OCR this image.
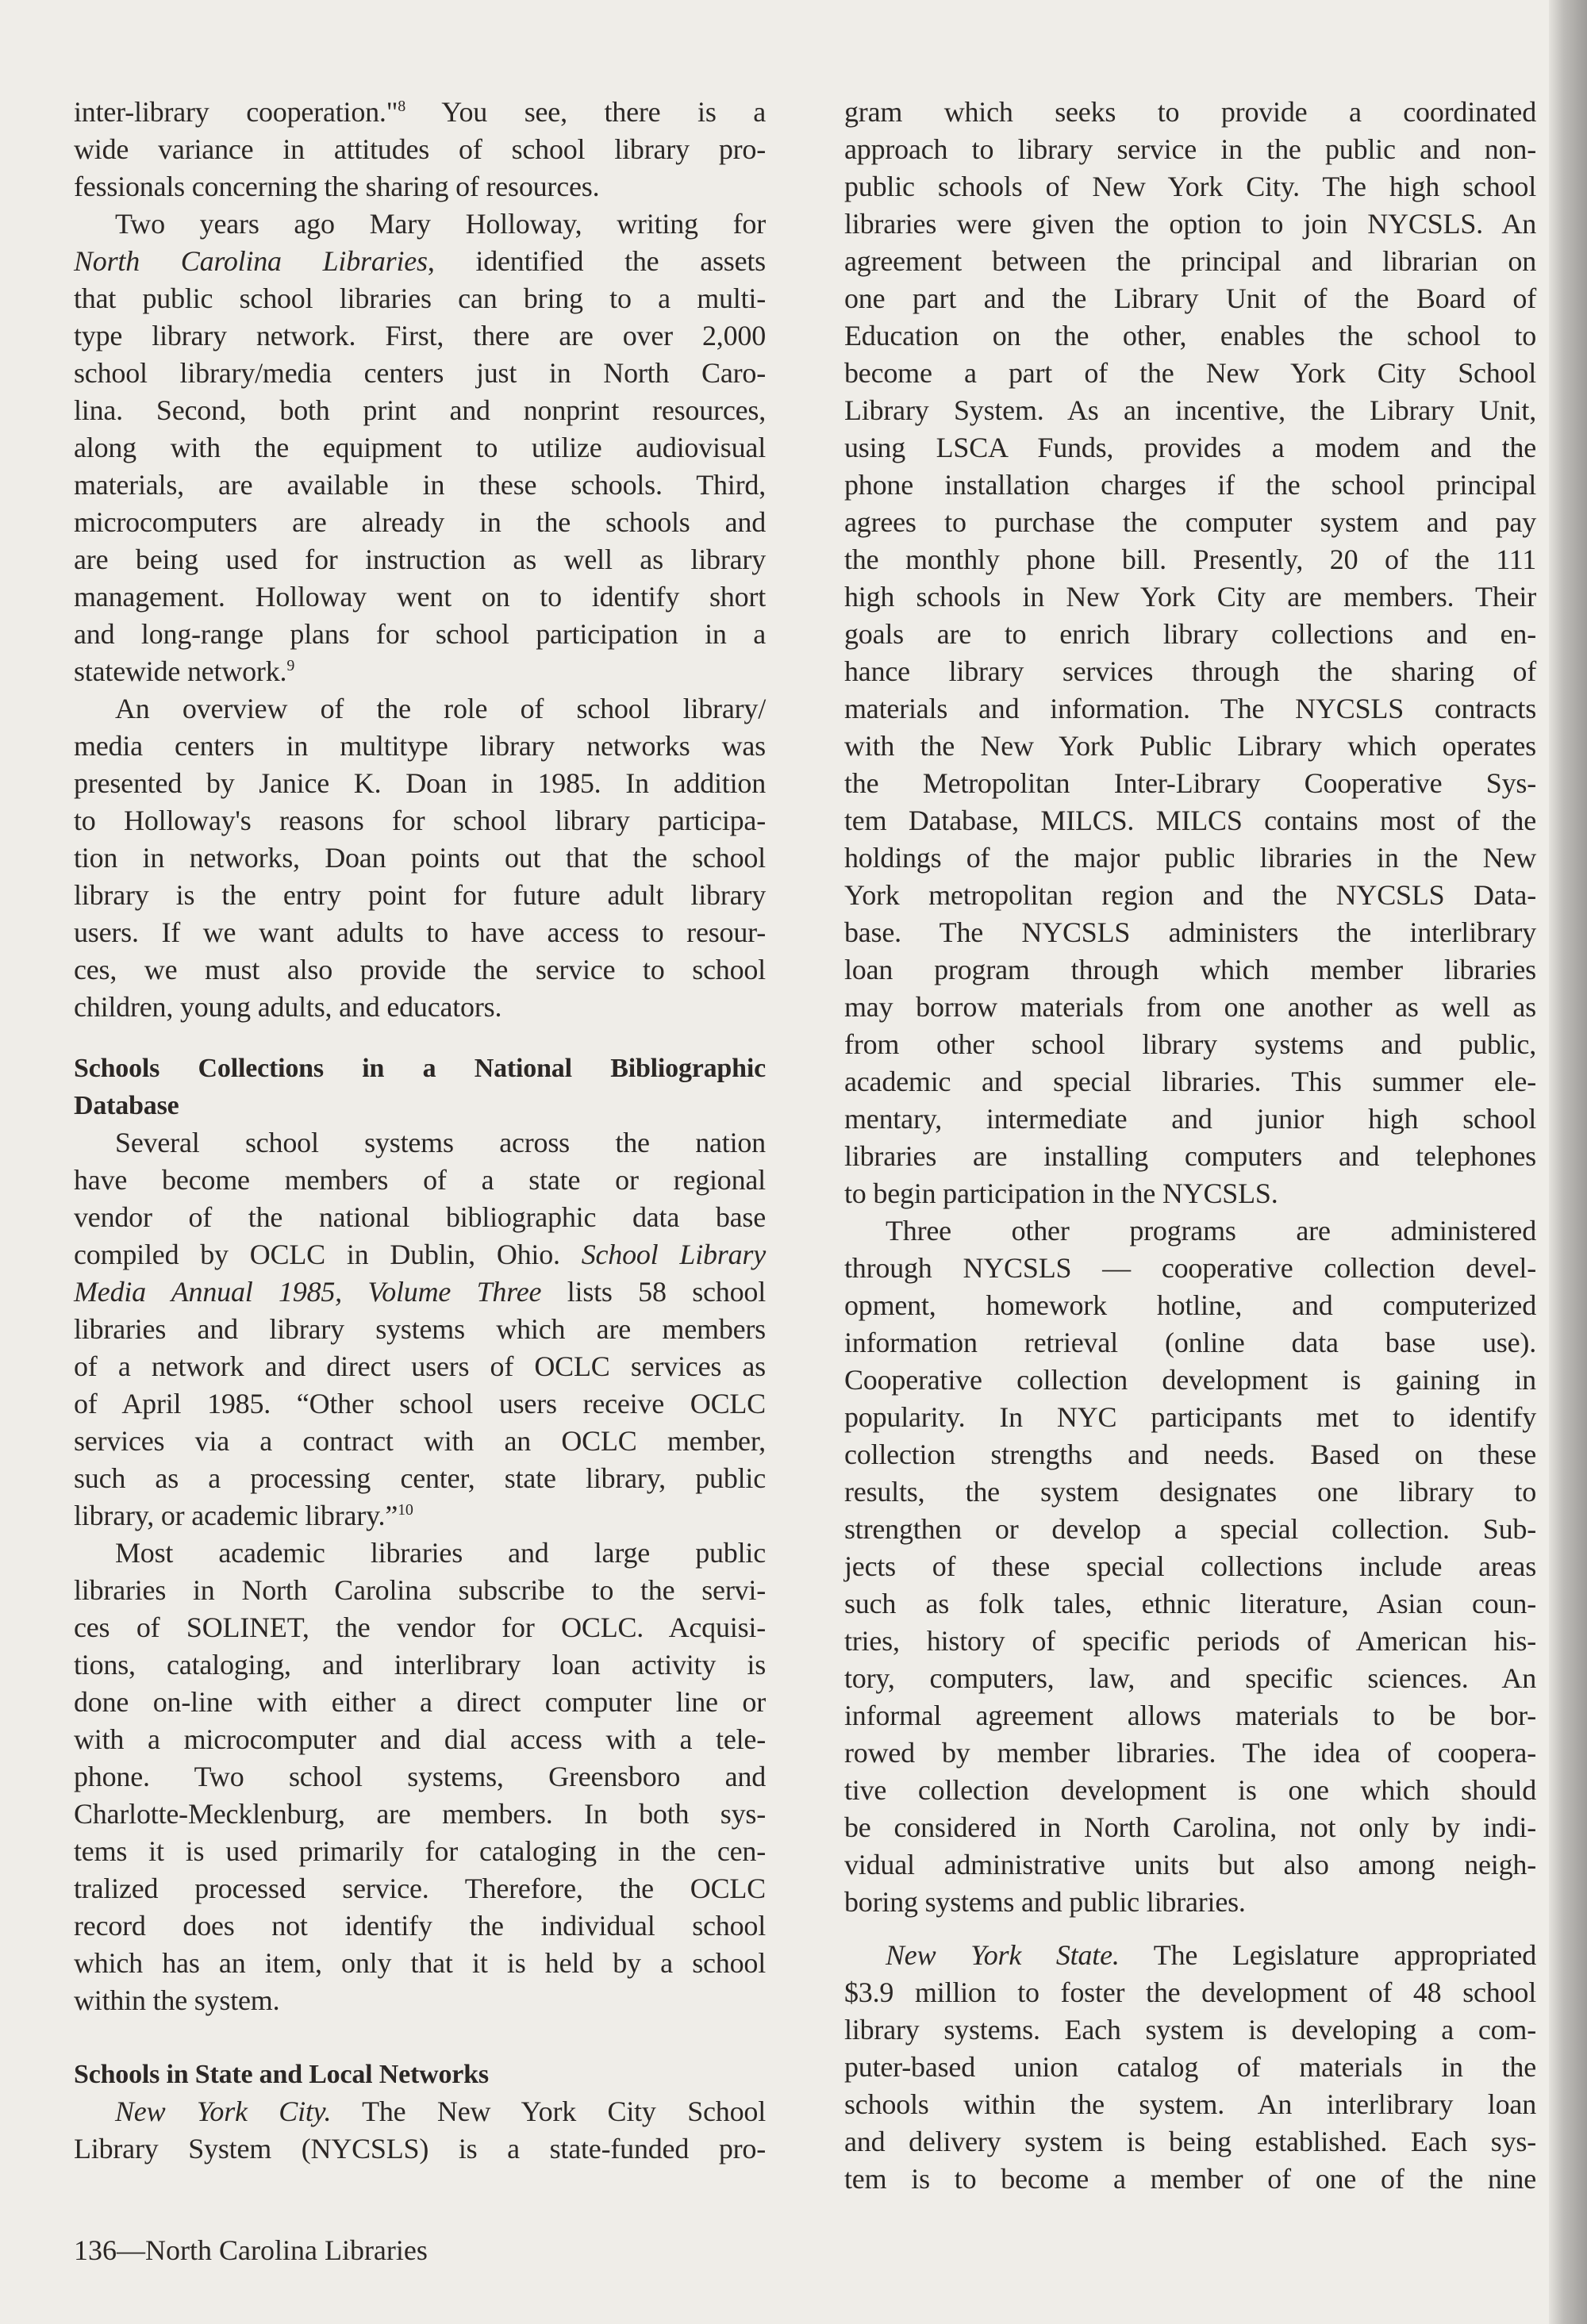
inter-library cooperation."$^8$ You see, there is a
wide variance in attitudes of school library pro-
fessionals concerning the sharing of resources.
Two years ago Mary Holloway, writing for
North Carolina Libraries, identified the assets
that public school libraries can bring to a multi-
type library network. First, there are over 2,000
school library/media centers just in North Caro-
lina. Second, both print and nonprint resources,
along with the equipment to utilize audiovisual
materials, are available in these schools. Third,
microcomputers are already in the schools and
are being used for instruction as well as library
management. Holloway went on to identify short
and long-range plans for school participation in a
statewide network.$^9$
An overview of the role of school library/
media centers in multitype library networks was
presented by Janice K. Doan in 1985. In addition
to Holloway's reasons for school library participa-
tion in networks, Doan points out that the school
library is the entry point for future adult library
users. If we want adults to have access to resour-
ces, we must also provide the service to school
children, young adults, and educators.
Schools Collections in a National Bibliographic
Database
Several school systems across the nation
have become members of a state or regional
vendor of the national bibliographic data base
compiled by OCLC in Dublin, Ohio. School Library
Media Annual 1985, Volume Three lists 58 school
libraries and library systems which are members
of a network and direct users of OCLC services as
of April 1985. “Other school users receive OCLC
services via a contract with an OCLC member,
such as a processing center, state library, public
library, or academic library.”$^{10}$
Most academic libraries and large public
libraries in North Carolina subscribe to the servi-
ces of SOLINET, the vendor for OCLC. Acquisi-
tions, cataloging, and interlibrary loan activity is
done on-line with either a direct computer line or
with a microcomputer and dial access with a tele-
phone. Two school systems, Greensboro and
Charlotte-Mecklenburg, are members. In both sys-
tems it is used primarily for cataloging in the cen-
tralized processed service. Therefore, the OCLC
record does not identify the individual school
which has an item, only that it is held by a school
within the system.
Schools in State and Local Networks
New York City. The New York City School
Library System (NYCSLS) is a state-funded pro-
gram which seeks to provide a coordinated
approach to library service in the public and non-
public schools of New York City. The high school
libraries were given the option to join NYCSLS. An
agreement between the principal and librarian on
one part and the Library Unit of the Board of
Education on the other, enables the school to
become a part of the New York City School
Library System. As an incentive, the Library Unit,
using LSCA Funds, provides a modem and the
phone installation charges if the school principal
agrees to purchase the computer system and pay
the monthly phone bill. Presently, 20 of the 111
high schools in New York City are members. Their
goals are to enrich library collections and en-
hance library services through the sharing of
materials and information. The NYCSLS contracts
with the New York Public Library which operates
the Metropolitan Inter-Library Cooperative Sys-
tem Database, MILCS. MILCS contains most of the
holdings of the major public libraries in the New
York metropolitan region and the NYCSLS Data-
base. The NYCSLS administers the interlibrary
loan program through which member libraries
may borrow materials from one another as well as
from other school library systems and public,
academic and special libraries. This summer ele-
mentary, intermediate and junior high school
libraries are installing computers and telephones
to begin participation in the NYCSLS.
Three other programs are administered
through NYCSLS — cooperative collection devel-
opment, homework hotline, and computerized
information retrieval (online data base use).
Cooperative collection development is gaining in
popularity. In NYC participants met to identify
collection strengths and needs. Based on these
results, the system designates one library to
strengthen or develop a special collection. Sub-
jects of these special collections include areas
such as folk tales, ethnic literature, Asian coun-
tries, history of specific periods of American his-
tory, computers, law, and specific sciences. An
informal agreement allows materials to be bor-
rowed by member libraries. The idea of coopera-
tive collection development is one which should
be considered in North Carolina, not only by indi-
vidual administrative units but also among neigh-
boring systems and public libraries.
New York State. The Legislature appropriated
$3.9 million to foster the development of 48 school
library systems. Each system is developing a com-
puter-based union catalog of materials in the
schools within the system. An interlibrary loan
and delivery system is being established. Each sys-
tem is to become a member of one of the nine
136—North Carolina Libraries
